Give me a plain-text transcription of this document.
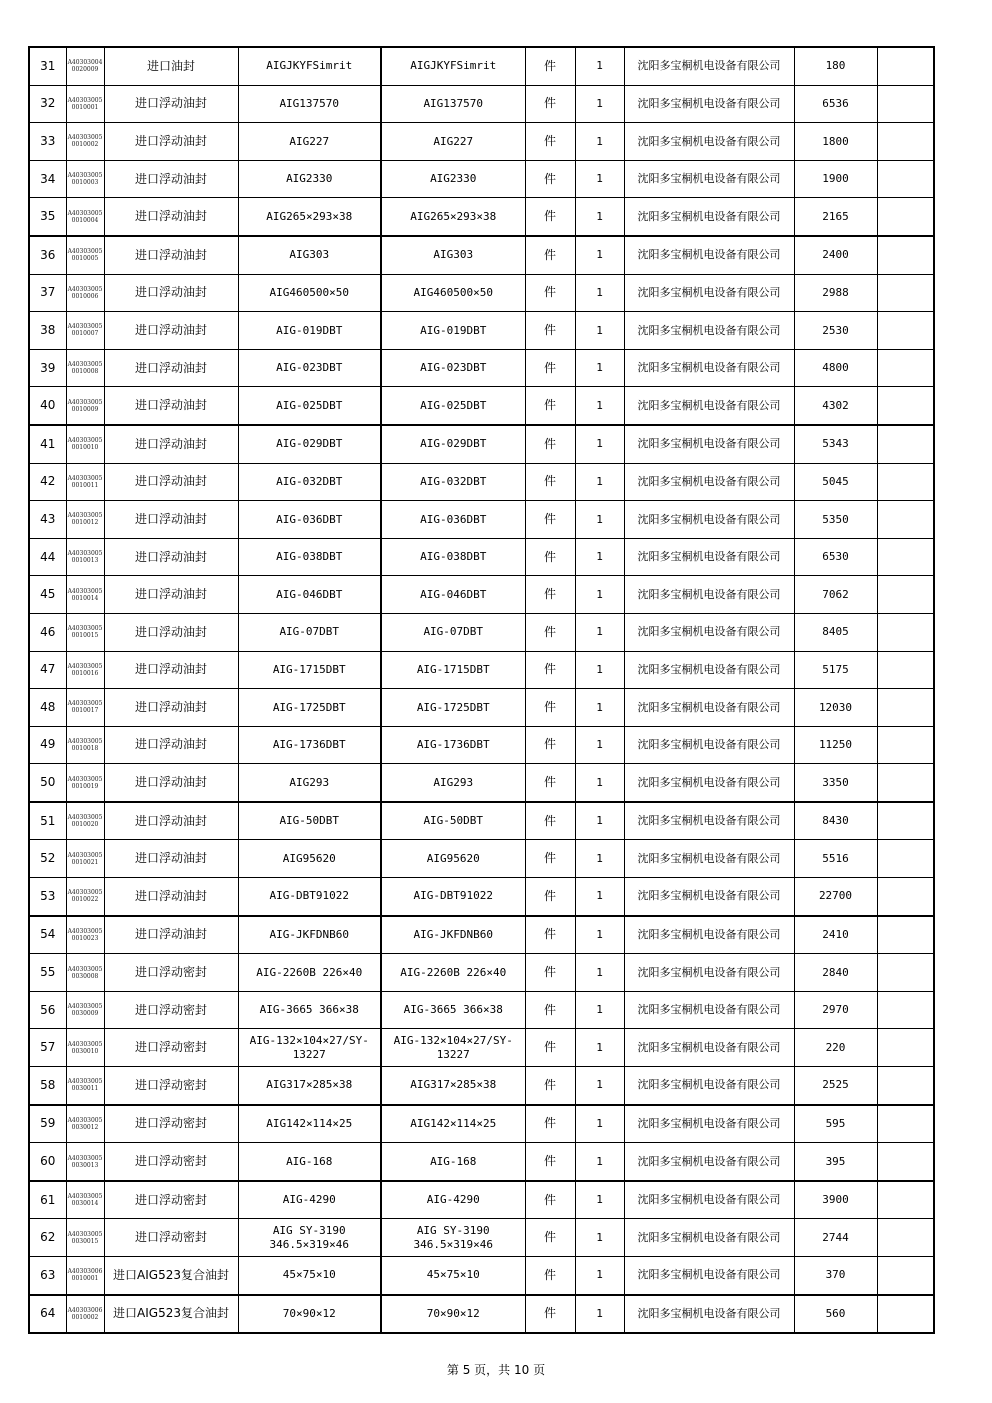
31	A40303004 0020009	进口油封	AIGJKYFSimrit	AIGJKYFSimrit	件	1	沈阳多宝桐机电设备有限公司	180	
32	A40303005 0010001	进口浮动油封	AIG137570	AIG137570	件	1	沈阳多宝桐机电设备有限公司	6536	
33	A40303005 0010002	进口浮动油封	AIG227	AIG227	件	1	沈阳多宝桐机电设备有限公司	1800	
34	A40303005 0010003	进口浮动油封	AIG2330	AIG2330	件	1	沈阳多宝桐机电设备有限公司	1900	
35	A40303005 0010004	进口浮动油封	AIG265×293×38	AIG265×293×38	件	1	沈阳多宝桐机电设备有限公司	2165	
36	A40303005 0010005	进口浮动油封	AIG303	AIG303	件	1	沈阳多宝桐机电设备有限公司	2400	
37	A40303005 0010006	进口浮动油封	AIG460500×50	AIG460500×50	件	1	沈阳多宝桐机电设备有限公司	2988	
38	A40303005 0010007	进口浮动油封	AIG-019DBT	AIG-019DBT	件	1	沈阳多宝桐机电设备有限公司	2530	
39	A40303005 0010008	进口浮动油封	AIG-023DBT	AIG-023DBT	件	1	沈阳多宝桐机电设备有限公司	4800	
40	A40303005 0010009	进口浮动油封	AIG-025DBT	AIG-025DBT	件	1	沈阳多宝桐机电设备有限公司	4302	
41	A40303005 0010010	进口浮动油封	AIG-029DBT	AIG-029DBT	件	1	沈阳多宝桐机电设备有限公司	5343	
42	A40303005 0010011	进口浮动油封	AIG-032DBT	AIG-032DBT	件	1	沈阳多宝桐机电设备有限公司	5045	
43	A40303005 0010012	进口浮动油封	AIG-036DBT	AIG-036DBT	件	1	沈阳多宝桐机电设备有限公司	5350	
44	A40303005 0010013	进口浮动油封	AIG-038DBT	AIG-038DBT	件	1	沈阳多宝桐机电设备有限公司	6530	
45	A40303005 0010014	进口浮动油封	AIG-046DBT	AIG-046DBT	件	1	沈阳多宝桐机电设备有限公司	7062	
46	A40303005 0010015	进口浮动油封	AIG-07DBT	AIG-07DBT	件	1	沈阳多宝桐机电设备有限公司	8405	
47	A40303005 0010016	进口浮动油封	AIG-1715DBT	AIG-1715DBT	件	1	沈阳多宝桐机电设备有限公司	5175	
48	A40303005 0010017	进口浮动油封	AIG-1725DBT	AIG-1725DBT	件	1	沈阳多宝桐机电设备有限公司	12030	
49	A40303005 0010018	进口浮动油封	AIG-1736DBT	AIG-1736DBT	件	1	沈阳多宝桐机电设备有限公司	11250	
50	A40303005 0010019	进口浮动油封	AIG293	AIG293	件	1	沈阳多宝桐机电设备有限公司	3350	
51	A40303005 0010020	进口浮动油封	AIG-50DBT	AIG-50DBT	件	1	沈阳多宝桐机电设备有限公司	8430	
52	A40303005 0010021	进口浮动油封	AIG95620	AIG95620	件	1	沈阳多宝桐机电设备有限公司	5516	
53	A40303005 0010022	进口浮动油封	AIG-DBT91022	AIG-DBT91022	件	1	沈阳多宝桐机电设备有限公司	22700	
54	A40303005 0010023	进口浮动油封	AIG-JKFDNB60	AIG-JKFDNB60	件	1	沈阳多宝桐机电设备有限公司	2410	
55	A40303005 0030008	进口浮动密封	AIG-2260B 226×40	AIG-2260B 226×40	件	1	沈阳多宝桐机电设备有限公司	2840	
56	A40303005 0030009	进口浮动密封	AIG-3665 366×38	AIG-3665 366×38	件	1	沈阳多宝桐机电设备有限公司	2970	
57	A40303005 0030010	进口浮动密封	AIG-132×104×27/SY-13227	AIG-132×104×27/SY-13227	件	1	沈阳多宝桐机电设备有限公司	220	
58	A40303005 0030011	进口浮动密封	AIG317×285×38	AIG317×285×38	件	1	沈阳多宝桐机电设备有限公司	2525	
59	A40303005 0030012	进口浮动密封	AIG142×114×25	AIG142×114×25	件	1	沈阳多宝桐机电设备有限公司	595	
60	A40303005 0030013	进口浮动密封	AIG-168	AIG-168	件	1	沈阳多宝桐机电设备有限公司	395	
61	A40303005 0030014	进口浮动密封	AIG-4290	AIG-4290	件	1	沈阳多宝桐机电设备有限公司	3900	
62	A40303005 0030015	进口浮动密封	AIG SY-3190 346.5×319×46	AIG SY-3190 346.5×319×46	件	1	沈阳多宝桐机电设备有限公司	2744	
63	A40303006 0010001	进口AIG523复合油封	45×75×10	45×75×10	件	1	沈阳多宝桐机电设备有限公司	370	
64	A40303006 0010002	进口AIG523复合油封	70×90×12	70×90×12	件	1	沈阳多宝桐机电设备有限公司	560	
第 5 页，共 10 页
